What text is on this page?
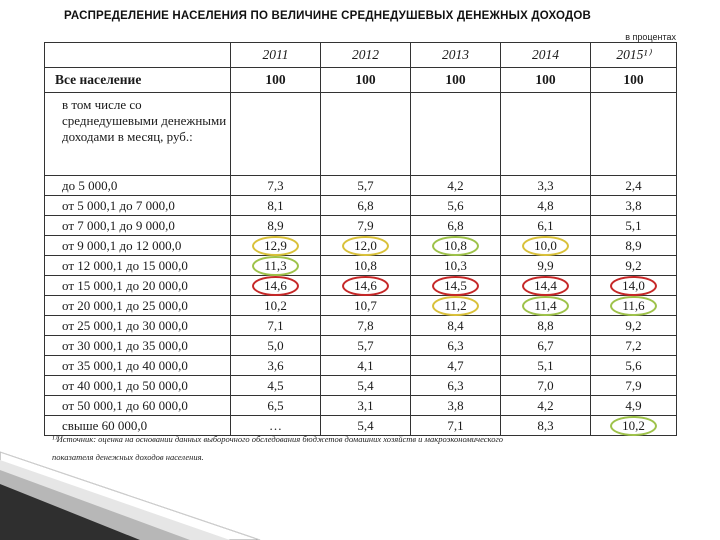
РАСПРЕДЕЛЕНИЕ НАСЕЛЕНИЯ ПО ВЕЛИЧИНЕ СРЕДНЕДУШЕВЫХ ДЕНЕЖНЫХ ДОХОДОВ
в процентах
	2011	2012	2013	2014	2015¹⁾
Все население	100	100	100	100	100
в том числе со среднедушевыми денежными доходами в месяц, руб.:					
до 5 000,0	7,3	5,7	4,2	3,3	2,4
от 5 000,1 до 7 000,0	8,1	6,8	5,6	4,8	3,8
от 7 000,1 до 9 000,0	8,9	7,9	6,8	6,1	5,1
от 9 000,1 до 12 000,0	12,9	12,0	10,8	10,0	8,9
от 12 000,1 до 15 000,0	11,3	10,8	10,3	9,9	9,2
от 15 000,1 до 20 000,0	14,6	14,6	14,5	14,4	14,0
от 20 000,1 до 25 000,0	10,2	10,7	11,2	11,4	11,6
от 25 000,1 до 30 000,0	7,1	7,8	8,4	8,8	9,2
от 30 000,1 до 35 000,0	5,0	5,7	6,3	6,7	7,2
от 35 000,1 до 40 000,0	3,6	4,1	4,7	5,1	5,6
от 40 000,1 до 50 000,0	4,5	5,4	6,3	7,0	7,9
от 50 000,1 до 60 000,0	6,5	3,1	3,8	4,2	4,9
свыше 60 000,0	…	5,4	7,1	8,3	10,2
¹⁾Источник: оценка на основании данных выборочного обследования бюджетов домашних хозяйств и макроэкономического
показателя денежных доходов населения.
